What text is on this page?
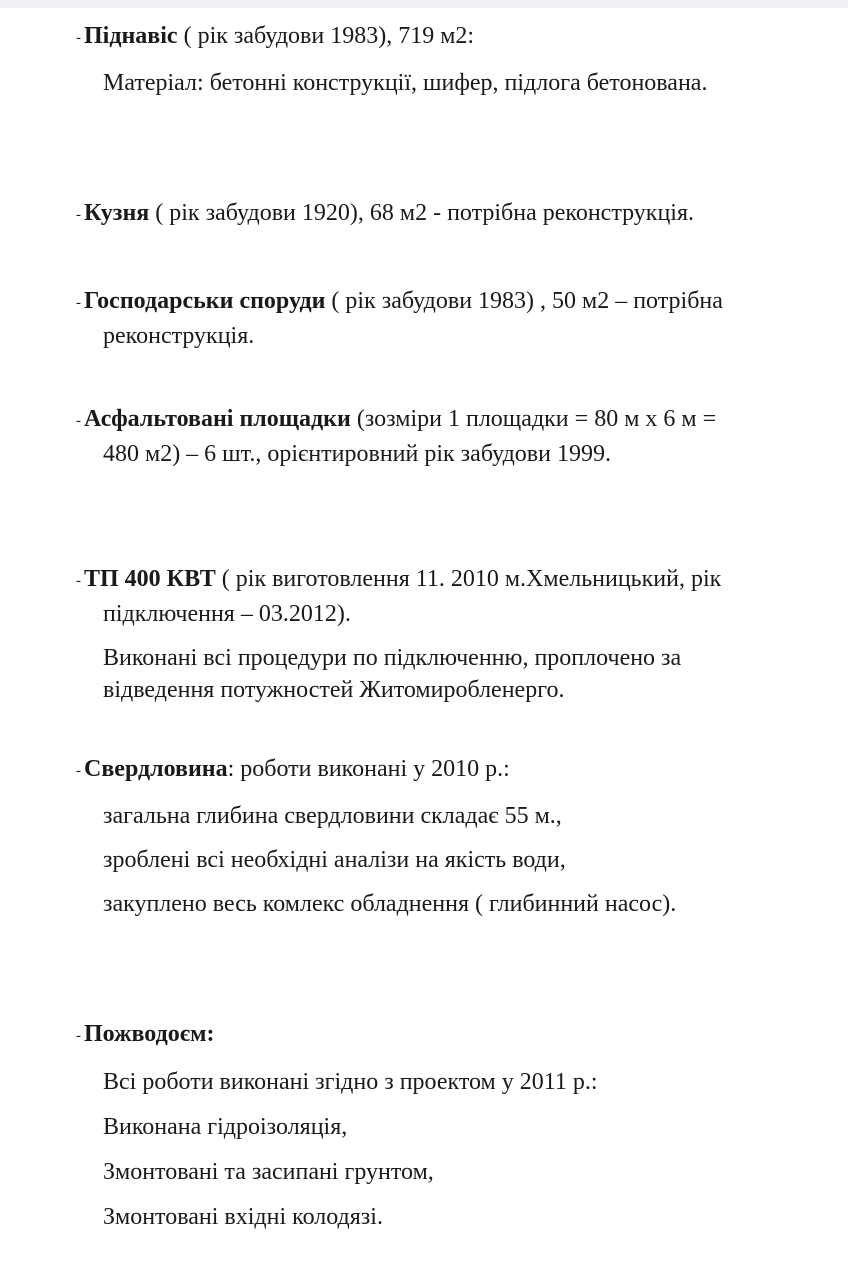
- Піднавіс ( рік забудови 1983), 719 м2:
Матеріал: бетонні конструкції, шифер, підлога бетонована.
- Кузня ( рік забудови 1920), 68 м2 - потрібна реконструкція.
- Господарськи споруди ( рік забудови 1983) , 50 м2 – потрібна
реконструкція.
- Асфальтовані площадки (зозміри 1 площадки = 80 м х 6 м =
480 м2) – 6 шт., орієнтировний рік забудови 1999.
- ТП 400 КВТ ( рік виготовлення 11. 2010 м.Хмельницький, рік
підключення – 03.2012).
Виконані всі процедури по підключенню, проплочено за
відведення потужностей Житомиробленерго.
- Свердловина: роботи виконані у 2010 р.:
загальна глибина свердловини складає 55 м.,
зроблені всі необхідні аналізи на якість води,
закуплено весь комлекс обладнення ( глибинний насос).
- Пожводоєм:
Всі роботи виконані згідно з проектом у 2011 р.:
Виконана гідроізоляція,
Змонтовані та засипані грунтом,
Змонтовані вхідні колодязі.
